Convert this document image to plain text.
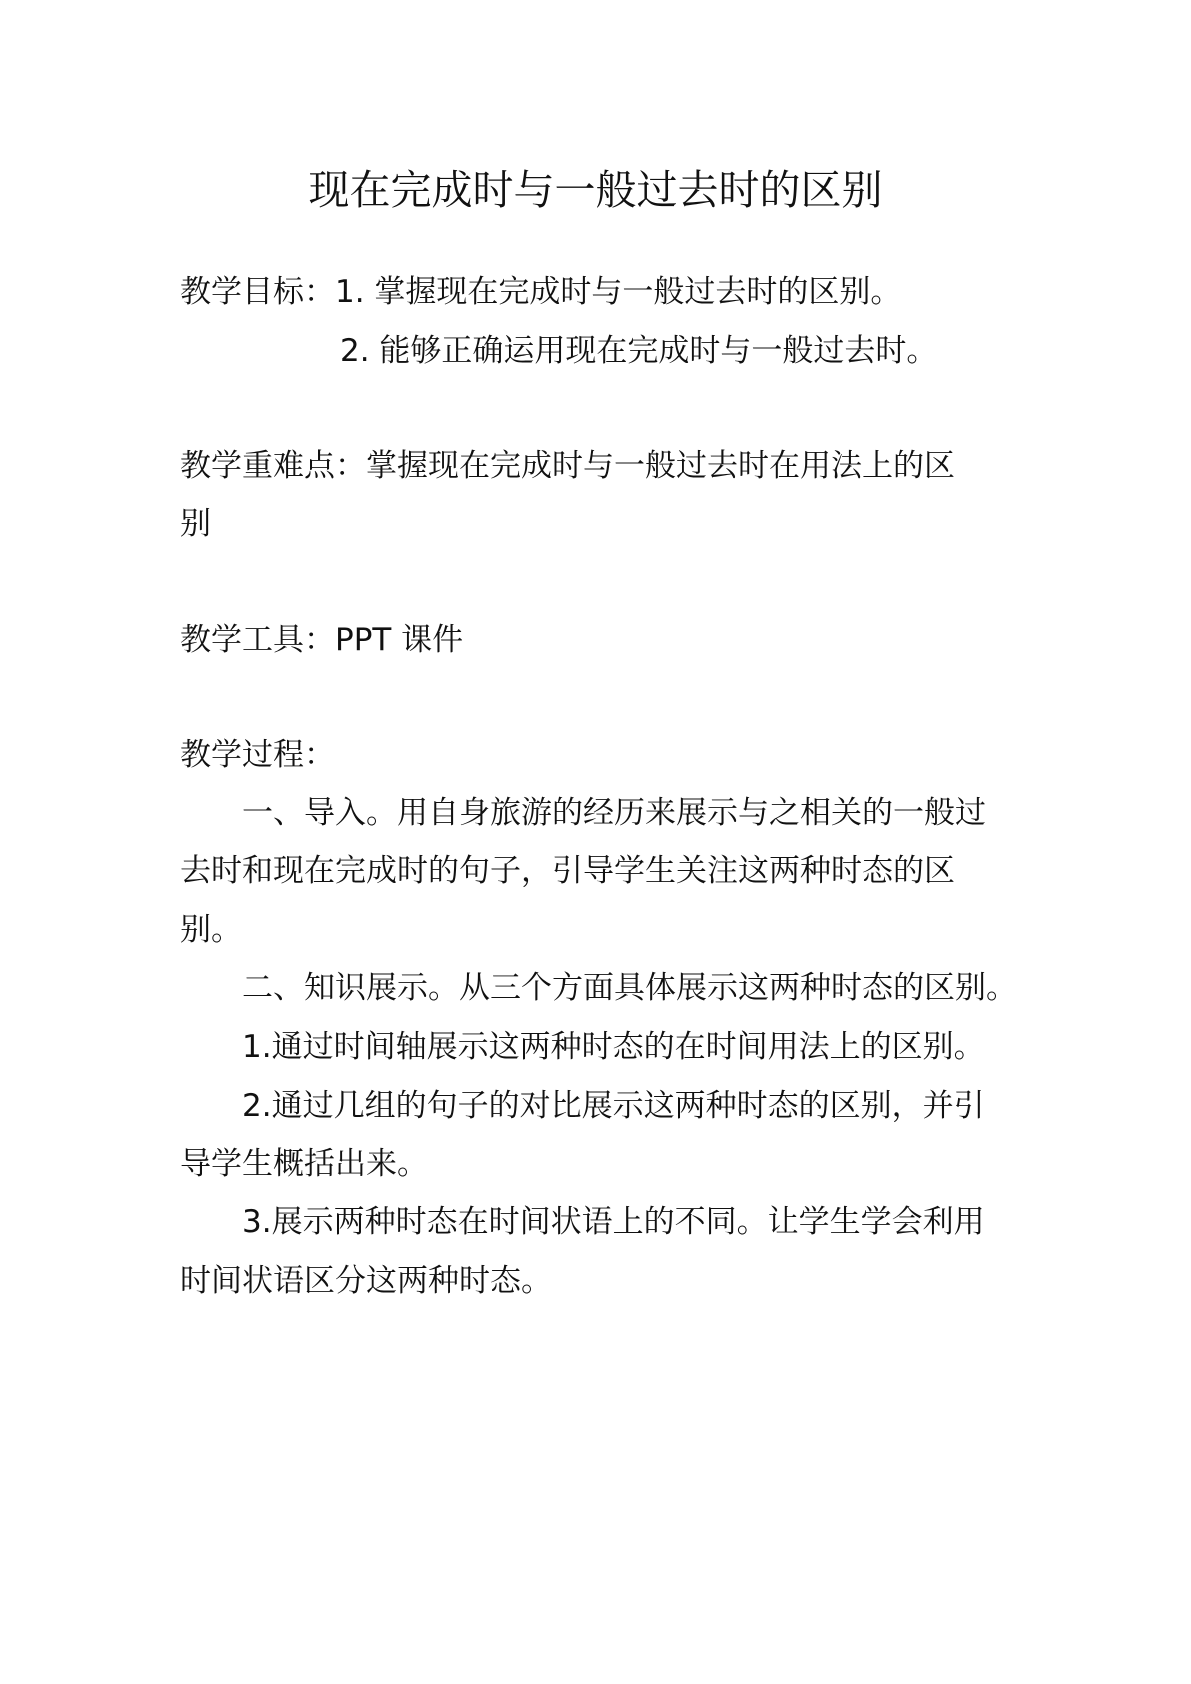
现在完成时与一般过去时的区别
教学目标：1. 掌握现在完成时与一般过去时的区别。
2. 能够正确运用现在完成时与一般过去时。
教学重难点：掌握现在完成时与一般过去时在用法上的区
别
教学工具：PPT 课件
教学过程：
一、导入。用自身旅游的经历来展示与之相关的一般过
去时和现在完成时的句子，引导学生关注这两种时态的区
别。
二、知识展示。从三个方面具体展示这两种时态的区别。
1.通过时间轴展示这两种时态的在时间用法上的区别。
2.通过几组的句子的对比展示这两种时态的区别，并引
导学生概括出来。
3.展示两种时态在时间状语上的不同。让学生学会利用
时间状语区分这两种时态。
